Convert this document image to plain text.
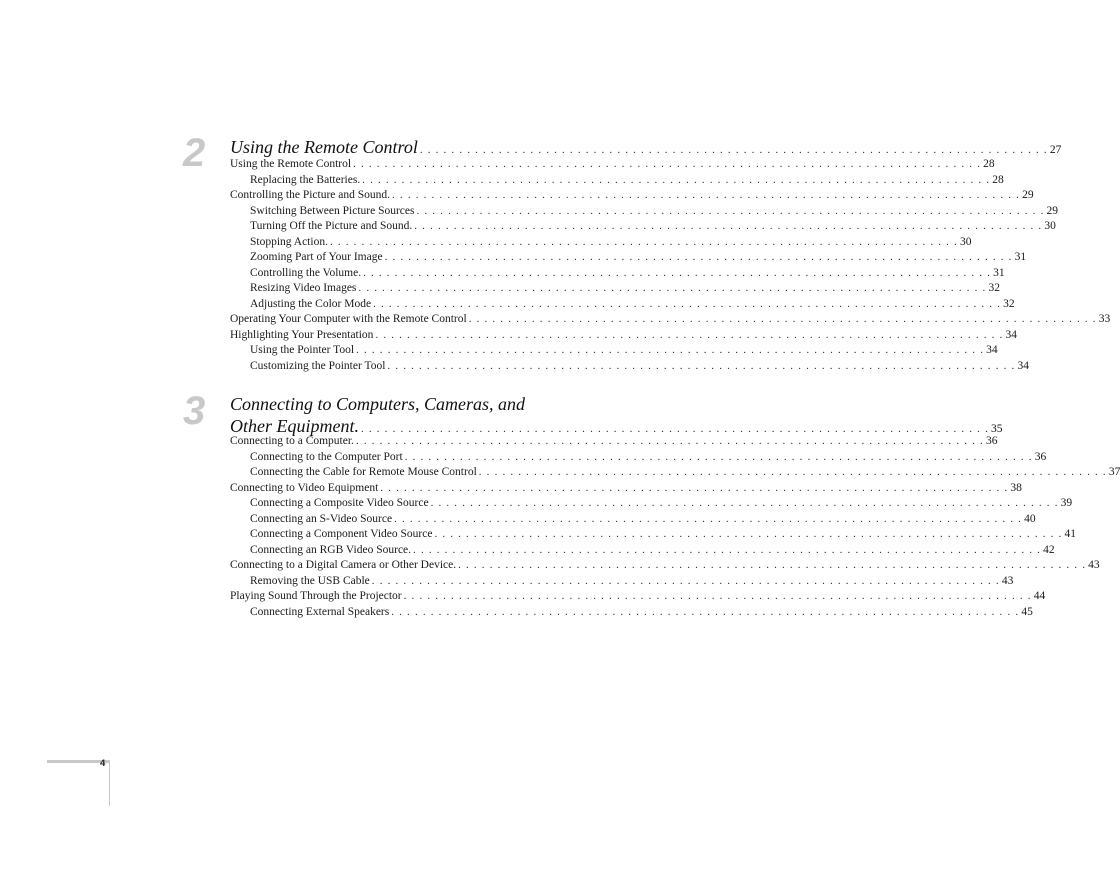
2	Using the Remote Control . . . . . . . . . . . . . . . . . . . . . . . . . . . . . . . . . . . . . . . . . . . . . . . . . . . . . . . . . . . . . . . . . . . . . . . . . . . . . . . . 27
Using the Remote Control . . . . . . . . . . . . . . . . . . . . . . . . . . . . . . . . . . . . . . . . . . . . . . . . . . . . . . . . . . . . . . . . . . . . . . . . . . . . . . . . 28
Replacing the Batteries. . . . . . . . . . . . . . . . . . . . . . . . . . . . . . . . . . . . . . . . . . . . . . . . . . . . . . . . . . . . . . . . . . . . . . . . . . . . . . . . . 28
Controlling the Picture and Sound. . . . . . . . . . . . . . . . . . . . . . . . . . . . . . . . . . . . . . . . . . . . . . . . . . . . . . . . . . . . . . . . . . . . . . . . . . . . . . . . . 29
Switching Between Picture Sources . . . . . . . . . . . . . . . . . . . . . . . . . . . . . . . . . . . . . . . . . . . . . . . . . . . . . . . . . . . . . . . . . . . . . . . . . . . . . . . . 29
Turning Off the Picture and Sound. . . . . . . . . . . . . . . . . . . . . . . . . . . . . . . . . . . . . . . . . . . . . . . . . . . . . . . . . . . . . . . . . . . . . . . . . . . . . . . . . 30
Stopping Action. . . . . . . . . . . . . . . . . . . . . . . . . . . . . . . . . . . . . . . . . . . . . . . . . . . . . . . . . . . . . . . . . . . . . . . . . . . . . . . . . 30
Zooming Part of Your Image . . . . . . . . . . . . . . . . . . . . . . . . . . . . . . . . . . . . . . . . . . . . . . . . . . . . . . . . . . . . . . . . . . . . . . . . . . . . . . . . 31
Controlling the Volume. . . . . . . . . . . . . . . . . . . . . . . . . . . . . . . . . . . . . . . . . . . . . . . . . . . . . . . . . . . . . . . . . . . . . . . . . . . . . . . . . 31
Resizing Video Images . . . . . . . . . . . . . . . . . . . . . . . . . . . . . . . . . . . . . . . . . . . . . . . . . . . . . . . . . . . . . . . . . . . . . . . . . . . . . . . . 32
Adjusting the Color Mode . . . . . . . . . . . . . . . . . . . . . . . . . . . . . . . . . . . . . . . . . . . . . . . . . . . . . . . . . . . . . . . . . . . . . . . . . . . . . . . . 32
Operating Your Computer with the Remote Control . . . . . . . . . . . . . . . . . . . . . . . . . . . . . . . . . . . . . . . . . . . . . . . . . . . . . . . . . . . . . . . . . . . . . . . . . . . . . . . . 33
Highlighting Your Presentation . . . . . . . . . . . . . . . . . . . . . . . . . . . . . . . . . . . . . . . . . . . . . . . . . . . . . . . . . . . . . . . . . . . . . . . . . . . . . . . . 34
Using the Pointer Tool . . . . . . . . . . . . . . . . . . . . . . . . . . . . . . . . . . . . . . . . . . . . . . . . . . . . . . . . . . . . . . . . . . . . . . . . . . . . . . . . 34
Customizing the Pointer Tool . . . . . . . . . . . . . . . . . . . . . . . . . . . . . . . . . . . . . . . . . . . . . . . . . . . . . . . . . . . . . . . . . . . . . . . . . . . . . . . . 34
3	Connecting to Computers, Cameras, and
Other Equipment. . . . . . . . . . . . . . . . . . . . . . . . . . . . . . . . . . . . . . . . . . . . . . . . . . . . . . . . . . . . . . . . . . . . . . . . . . . . . . . . . 35
Connecting to a Computer. . . . . . . . . . . . . . . . . . . . . . . . . . . . . . . . . . . . . . . . . . . . . . . . . . . . . . . . . . . . . . . . . . . . . . . . . . . . . . . . . 36
Connecting to the Computer Port . . . . . . . . . . . . . . . . . . . . . . . . . . . . . . . . . . . . . . . . . . . . . . . . . . . . . . . . . . . . . . . . . . . . . . . . . . . . . . . . 36
Connecting the Cable for Remote Mouse Control . . . . . . . . . . . . . . . . . . . . . . . . . . . . . . . . . . . . . . . . . . . . . . . . . . . . . . . . . . . . . . . . . . . . . . . . . . . . . . . . 37
Connecting to Video Equipment . . . . . . . . . . . . . . . . . . . . . . . . . . . . . . . . . . . . . . . . . . . . . . . . . . . . . . . . . . . . . . . . . . . . . . . . . . . . . . . . 38
Connecting a Composite Video Source . . . . . . . . . . . . . . . . . . . . . . . . . . . . . . . . . . . . . . . . . . . . . . . . . . . . . . . . . . . . . . . . . . . . . . . . . . . . . . . . 39
Connecting an S-Video Source . . . . . . . . . . . . . . . . . . . . . . . . . . . . . . . . . . . . . . . . . . . . . . . . . . . . . . . . . . . . . . . . . . . . . . . . . . . . . . . . 40
Connecting a Component Video Source . . . . . . . . . . . . . . . . . . . . . . . . . . . . . . . . . . . . . . . . . . . . . . . . . . . . . . . . . . . . . . . . . . . . . . . . . . . . . . . . 41
Connecting an RGB Video Source. . . . . . . . . . . . . . . . . . . . . . . . . . . . . . . . . . . . . . . . . . . . . . . . . . . . . . . . . . . . . . . . . . . . . . . . . . . . . . . . . 42
Connecting to a Digital Camera or Other Device. . . . . . . . . . . . . . . . . . . . . . . . . . . . . . . . . . . . . . . . . . . . . . . . . . . . . . . . . . . . . . . . . . . . . . . . . . . . . . . . . 43
Removing the USB Cable . . . . . . . . . . . . . . . . . . . . . . . . . . . . . . . . . . . . . . . . . . . . . . . . . . . . . . . . . . . . . . . . . . . . . . . . . . . . . . . . 43
Playing Sound Through the Projector . . . . . . . . . . . . . . . . . . . . . . . . . . . . . . . . . . . . . . . . . . . . . . . . . . . . . . . . . . . . . . . . . . . . . . . . . . . . . . . . 44
Connecting External Speakers . . . . . . . . . . . . . . . . . . . . . . . . . . . . . . . . . . . . . . . . . . . . . . . . . . . . . . . . . . . . . . . . . . . . . . . . . . . . . . . . 45
4
